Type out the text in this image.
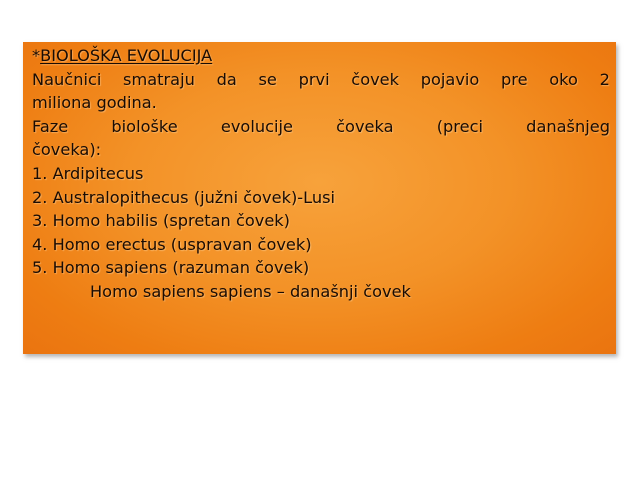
*BIOLOŠKA EVOLUCIJA
Naučnici smatraju da se prvi čovek pojavio pre oko 2
miliona godina.
Faze	biološke	evolucije	čoveka	(preci	današnjeg
čoveka):
1. Ardipitecus
2. Australopithecus (južni čovek)-Lusi
3. Homo habilis (spretan čovek)
4. Homo erectus (uspravan čovek)
5. Homo sapiens (razuman čovek)
Homo sapiens sapiens – današnji čovek
